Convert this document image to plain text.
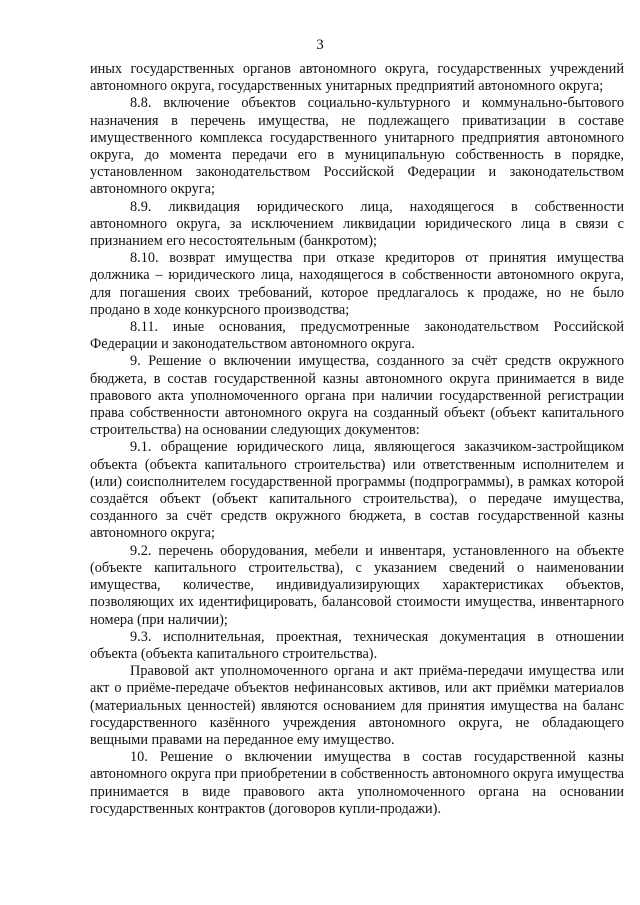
3

иных государственных органов автономного округа, государственных учреждений автономного округа, государственных унитарных предприятий автономного округа;

8.8. включение объектов социально-культурного и коммунально-бытового назначения в перечень имущества, не подлежащего приватизации в составе имущественного комплекса государственного унитарного предприятия автономного округа, до момента передачи его в муниципальную собственность в порядке, установленном законодательством Российской Федерации и законодательством автономного округа;

8.9. ликвидация юридического лица, находящегося в собственности автономного округа, за исключением ликвидации юридического лица в связи с признанием его несостоятельным (банкротом);

8.10. возврат имущества при отказе кредиторов от принятия имущества должника – юридического лица, находящегося в собственности автономного округа, для погашения своих требований, которое предлагалось к продаже, но не было продано в ходе конкурсного производства;

8.11. иные основания, предусмотренные законодательством Российской Федерации и законодательством автономного округа.

9. Решение о включении имущества, созданного за счёт средств окружного бюджета, в состав государственной казны автономного округа принимается в виде правового акта уполномоченного органа при наличии государственной регистрации права собственности автономного округа на созданный объект (объект капитального строительства) на основании следующих документов:

9.1. обращение юридического лица, являющегося заказчиком-застройщиком объекта (объекта капитального строительства) или ответственным исполнителем и (или) соисполнителем государственной программы (подпрограммы), в рамках которой создаётся объект (объект капитального строительства), о передаче имущества, созданного за счёт средств окружного бюджета, в состав государственной казны автономного округа;

9.2. перечень оборудования, мебели и инвентаря, установленного на объекте (объекте капитального строительства), с указанием сведений о наименовании имущества, количестве, индивидуализирующих характеристиках объектов, позволяющих их идентифицировать, балансовой стоимости имущества, инвентарного номера (при наличии);

9.3. исполнительная, проектная, техническая документация в отношении объекта (объекта капитального строительства).

Правовой акт уполномоченного органа и акт приёма-передачи имущества или акт о приёме-передаче объектов нефинансовых активов, или акт приёмки материалов (материальных ценностей) являются основанием для принятия имущества на баланс государственного казённого учреждения автономного округа, не обладающего вещными правами на переданное ему имущество.

10. Решение о включении имущества в состав государственной казны автономного округа при приобретении в собственность автономного округа имущества принимается в виде правового акта уполномоченного органа на основании государственных контрактов (договоров купли-продажи).
